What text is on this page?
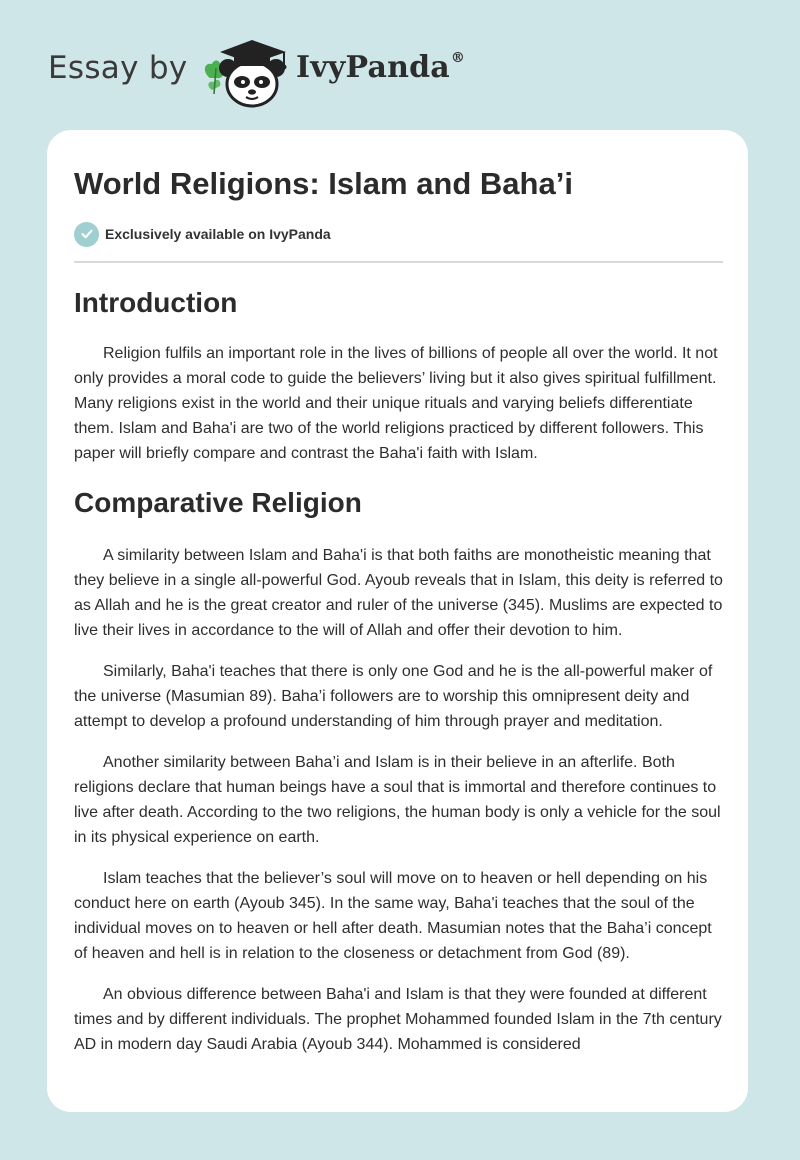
Essay by	IvyPanda®
World Religions: Islam and Baha’i
Exclusively available on IvyPanda
Introduction

Religion fulfils an important role in the lives of billions of people all over the world. It not only provides a moral code to guide the believers’ living but it also gives spiritual fulfillment. Many religions exist in the world and their unique rituals and varying beliefs differentiate them. Islam and Baha'i are two of the world religions practiced by different followers. This paper will briefly compare and contrast the Baha'i faith with Islam.

Comparative Religion

A similarity between Islam and Baha'i is that both faiths are monotheistic meaning that they believe in a single all-powerful God. Ayoub reveals that in Islam, this deity is referred to as Allah and he is the great creator and ruler of the universe (345). Muslims are expected to live their lives in accordance to the will of Allah and offer their devotion to him.

Similarly, Baha'i teaches that there is only one God and he is the all-powerful maker of the universe (Masumian 89). Baha’i followers are to worship this omnipresent deity and attempt to develop a profound understanding of him through prayer and meditation.

Another similarity between Baha’i and Islam is in their believe in an afterlife. Both religions declare that human beings have a soul that is immortal and therefore continues to live after death. According to the two religions, the human body is only a vehicle for the soul in its physical experience on earth.

Islam teaches that the believer’s soul will move on to heaven or hell depending on his conduct here on earth (Ayoub 345). In the same way, Baha'i teaches that the soul of the individual moves on to heaven or hell after death. Masumian notes that the Baha’i concept of heaven and hell is in relation to the closeness or detachment from God (89).

An obvious difference between Baha'i and Islam is that they were founded at different times and by different individuals. The prophet Mohammed founded Islam in the 7th century AD in modern day Saudi Arabia (Ayoub 344). Mohammed is considered
